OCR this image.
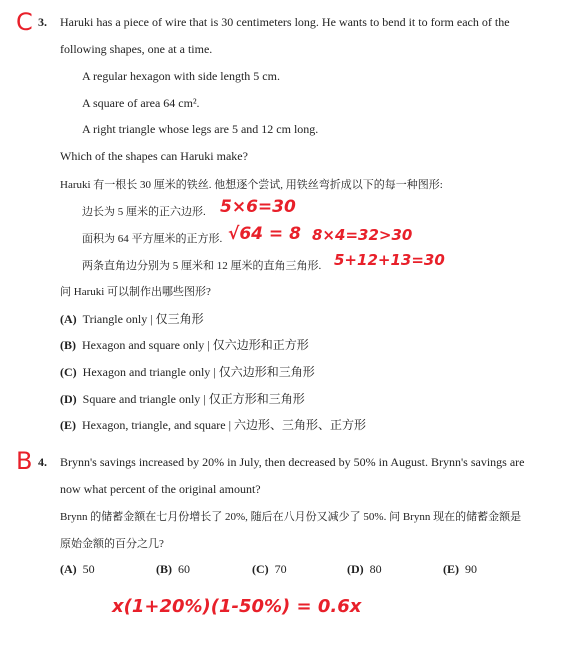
C 3. Haruki has a piece of wire that is 30 centimeters long. He wants to bend it to form each of the
following shapes, one at a time.
A regular hexagon with side length 5 cm.
A square of area 64 cm².
A right triangle whose legs are 5 and 12 cm long.
Which of the shapes can Haruki make?
Haruki 有一根长 30 厘米的铁丝. 他想逐个尝试, 用铁丝弯折成以下的每一种图形:
边长为 5 厘米的正六边形. 5×6=30
面积为 64 平方厘米的正方形. √64 = 8 8×4=32>30
两条直角边分别为 5 厘米和 12 厘米的直角三角形. 5+12+13=30
问 Haruki 可以制作出哪些图形?
(A) Triangle only | 仅三角形
(B) Hexagon and square only | 仅六边形和正方形
(C) Hexagon and triangle only | 仅六边形和三角形
(D) Square and triangle only | 仅正方形和三角形
(E) Hexagon, triangle, and square | 六边形、三角形、正方形
B 4. Brynn's savings increased by 20% in July, then decreased by 50% in August. Brynn's savings are
now what percent of the original amount?
Brynn 的储蓄金额在七月份增长了 20%, 随后在八月份又减少了 50%. 问 Brynn 现在的储蓄金额是
原始金额的百分之几?
(A) 50	(B) 60	(C) 70	(D) 80	(E) 90
x(1+20%)(1-50%) = 0.6x
